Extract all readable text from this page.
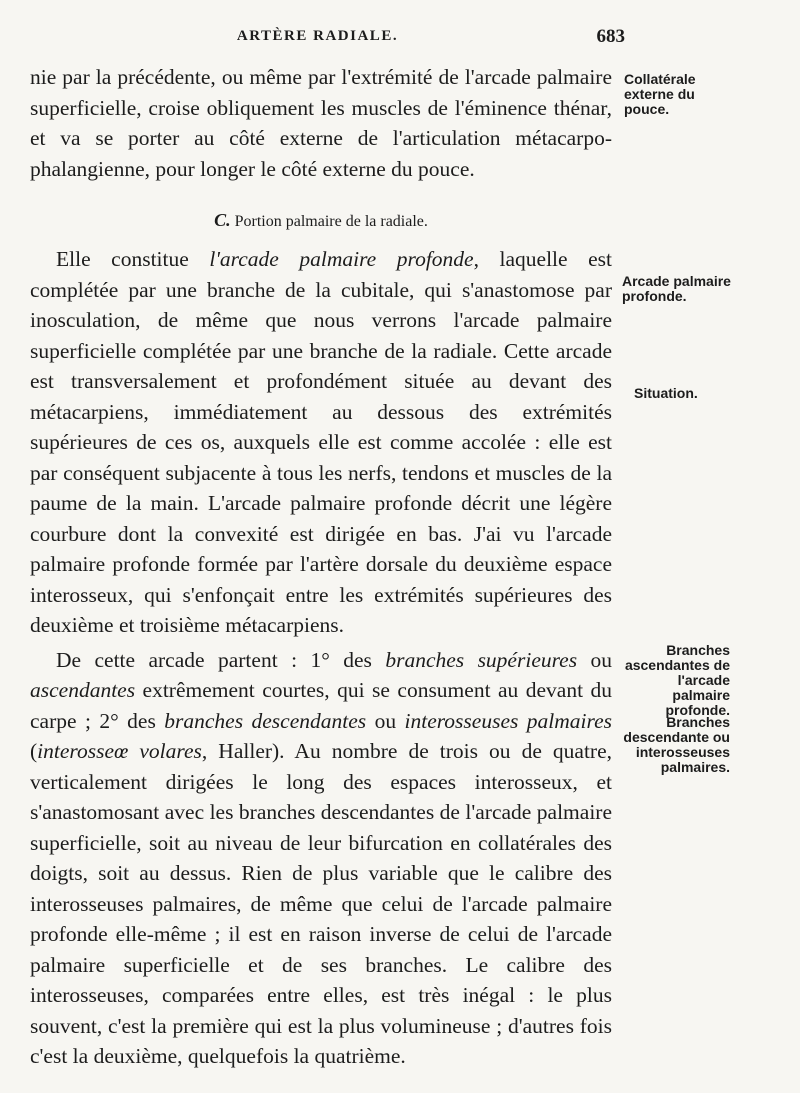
ARTÈRE RADIALE.	683

nie par la précédente, ou même par l'extrémité de l'arcade palmaire superficielle, croise obliquement les muscles de l'éminence thénar, et va se porter au côté externe de l'articulation métacarpo-phalangienne, pour longer le côté externe du pouce.

C. Portion palmaire de la radiale.

Elle constitue l'arcade palmaire profonde, laquelle est complétée par une branche de la cubitale, qui s'anastomose par inosculation, de même que nous verrons l'arcade palmaire superficielle complétée par une branche de la radiale. Cette arcade est transversalement et profondément située au devant des métacarpiens, immédiatement au dessous des extrémités supérieures de ces os, auxquels elle est comme accolée : elle est par conséquent subjacente à tous les nerfs, tendons et muscles de la paume de la main. L'arcade palmaire profonde décrit une légère courbure dont la convexité est dirigée en bas. J'ai vu l'arcade palmaire profonde formée par l'artère dorsale du deuxième espace interosseux, qui s'enfonçait entre les extrémités supérieures des deuxième et troisième métacarpiens.

De cette arcade partent : 1° des branches supérieures ou ascendantes extrêmement courtes, qui se consument au devant du carpe ; 2° des branches descendantes ou interosseuses palmaires (interosseœ volares, Haller). Au nombre de trois ou de quatre, verticalement dirigées le long des espaces interosseux, et s'anastomosant avec les branches descendantes de l'arcade palmaire superficielle, soit au niveau de leur bifurcation en collatérales des doigts, soit au dessus. Rien de plus variable que le calibre des interosseuses palmaires, de même que celui de l'arcade palmaire profonde elle-même ; il est en raison inverse de celui de l'arcade palmaire superficielle et de ses branches. Le calibre des interosseuses, comparées entre elles, est très inégal : le plus souvent, c'est la première qui est la plus volumineuse ; d'autres fois c'est la deuxième, quelquefois la quatrième.

Collatérale externe du pouce.
Arcade palmaire profonde.
Situation.
Branches ascendantes de l'arcade palmaire profonde.
Branches descendante ou interosseuses palmaires.
